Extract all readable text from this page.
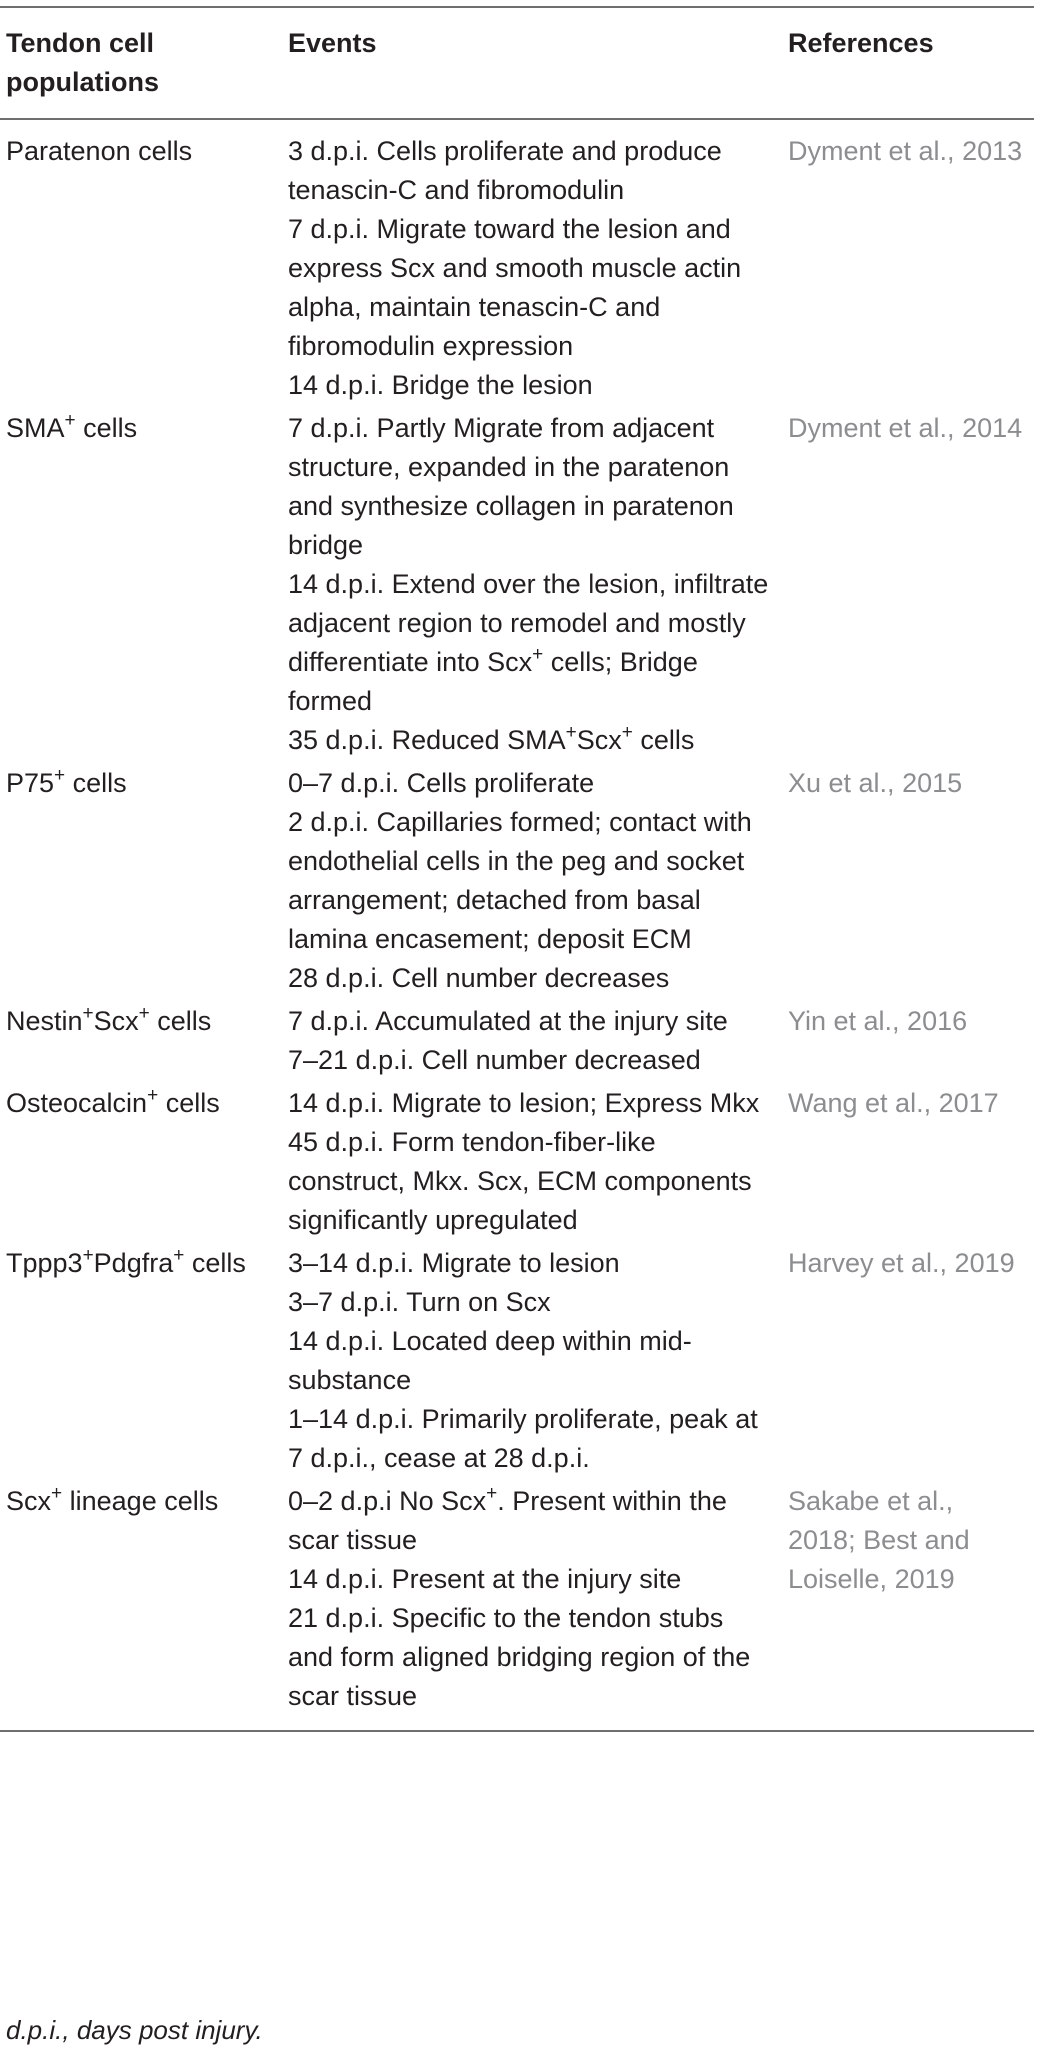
Tendon cell populations	Events	References
Paratenon cells	3 d.p.i. Cells proliferate and produce tenascin-C and fibromodulin
7 d.p.i. Migrate toward the lesion and express Scx and smooth muscle actin alpha, maintain tenascin-C and fibromodulin expression
14 d.p.i. Bridge the lesion	Dyment et al., 2013
SMA+ cells	7 d.p.i. Partly Migrate from adjacent structure, expanded in the paratenon and synthesize collagen in paratenon bridge
14 d.p.i. Extend over the lesion, infiltrate adjacent region to remodel and mostly differentiate into Scx+ cells; Bridge formed
35 d.p.i. Reduced SMA+Scx+ cells	Dyment et al., 2014
P75+ cells	0–7 d.p.i. Cells proliferate
2 d.p.i. Capillaries formed; contact with endothelial cells in the peg and socket arrangement; detached from basal lamina encasement; deposit ECM
28 d.p.i. Cell number decreases	Xu et al., 2015
Nestin+Scx+ cells	7 d.p.i. Accumulated at the injury site
7–21 d.p.i. Cell number decreased	Yin et al., 2016
Osteocalcin+ cells	14 d.p.i. Migrate to lesion; Express Mkx
45 d.p.i. Form tendon-fiber-like construct, Mkx. Scx, ECM components significantly upregulated	Wang et al., 2017
Tppp3+Pdgfra+ cells	3–14 d.p.i. Migrate to lesion
3–7 d.p.i. Turn on Scx
14 d.p.i. Located deep within mid-substance
1–14 d.p.i. Primarily proliferate, peak at 7 d.p.i., cease at 28 d.p.i.	Harvey et al., 2019
Scx+ lineage cells	0–2 d.p.i No Scx+. Present within the scar tissue
14 d.p.i. Present at the injury site
21 d.p.i. Specific to the tendon stubs and form aligned bridging region of the scar tissue	Sakabe et al., 2018; Best and Loiselle, 2019
d.p.i., days post injury.
